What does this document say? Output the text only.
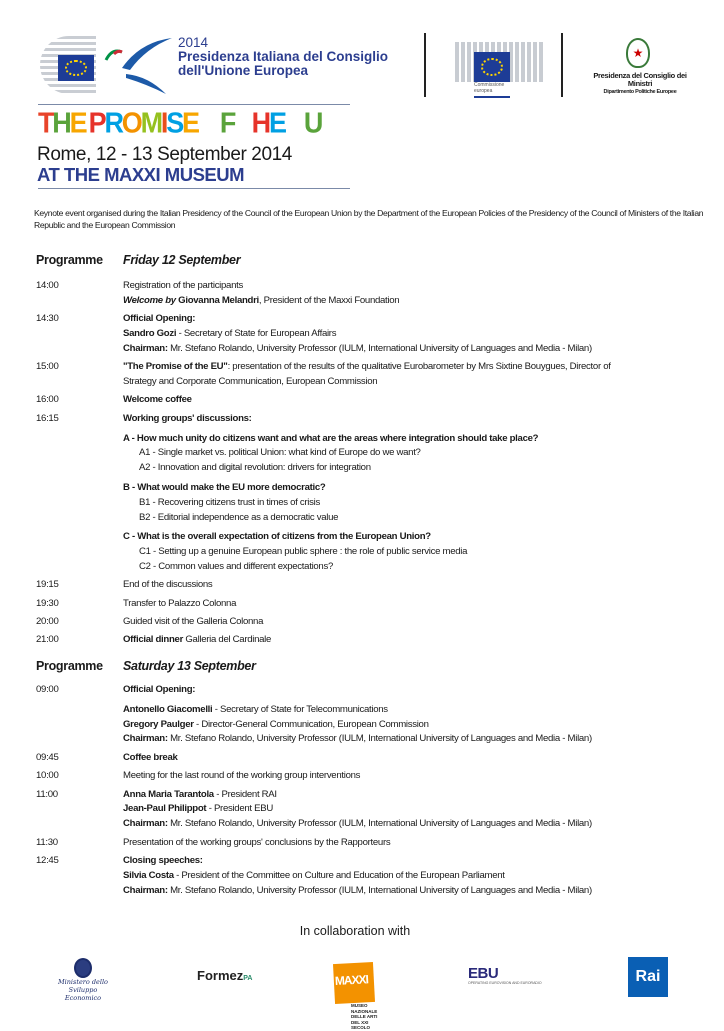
2014
Presidenza Italiana del Consiglio
dell'Unione Europea
Commissione
europea
★
Presidenza del Consiglio dei Ministri
Dipartimento Politiche Europee
THE  PROMISE  OF  THE  EU
Rome, 12 - 13 September 2014
AT THE MAXXI MUSEUM
Keynote event organised during the Italian Presidency of the Council of the European Union by the Department of the European Policies of the Presidency of the Council of Ministers of the Italian Republic and the European Commission
Programme Friday 12 September
14:00	Registration of the participants
Welcome by Giovanna Melandri, President of the Maxxi Foundation
14:30	Official Opening:
Sandro Gozi - Secretary of State for European Affairs
Chairman: Mr. Stefano Rolando, University Professor (IULM, International University of Languages and Media - Milan)
15:00	"The Promise of the EU": presentation of the results of the qualitative Eurobarometer by Mrs Sixtine Bouygues, Director of
Strategy and Corporate Communication, European Commission
16:00	Welcome coffee
16:15	Working groups' discussions:
A - How much unity do citizens want and what are the areas where integration should take place?
A1 - Single market vs. political Union: what kind of Europe do we want?
A2 - Innovation and digital revolution: drivers for integration
B - What would make the EU more democratic?
B1 - Recovering citizens trust in times of crisis
B2 - Editorial independence as a democratic value
C - What is the overall expectation of citizens from the European Union?
C1 - Setting up a genuine European public sphere : the role of public service media
C2 - Common values and different expectations?
19:15	End of the discussions
19:30	Transfer to Palazzo Colonna
20:00	Guided visit of the Galleria Colonna
21:00	Official dinner Galleria del Cardinale
Programme Saturday 13 September
09:00	Official Opening:
Antonello Giacomelli - Secretary of State for Telecommunications
Gregory Paulger - Director-General Communication, European Commission
Chairman: Mr. Stefano Rolando, University Professor (IULM, International University of Languages and Media - Milan)
09:45	Coffee break
10:00	Meeting for the last round of the working group interventions
11:00	Anna Maria Tarantola - President RAI
Jean-Paul Philippot - President EBU
Chairman: Mr. Stefano Rolando, University Professor (IULM, International University of Languages and Media - Milan)
11:30	Presentation of the working groups' conclusions by the Rapporteurs
12:45	Closing speeches:
Silvia Costa - President of the Committee on Culture and Education of the European Parliament
Chairman: Mr. Stefano Rolando, University Professor (IULM, International University of Languages and Media - Milan)
In collaboration with
Ministero dello Sviluppo Economico
FormezPA	MAXXI
MUSEO NAZIONALE DELLE ARTI DEL XXI SECOLO
EBU
OPERATING EUROVISION AND EURORADIO	Rai
